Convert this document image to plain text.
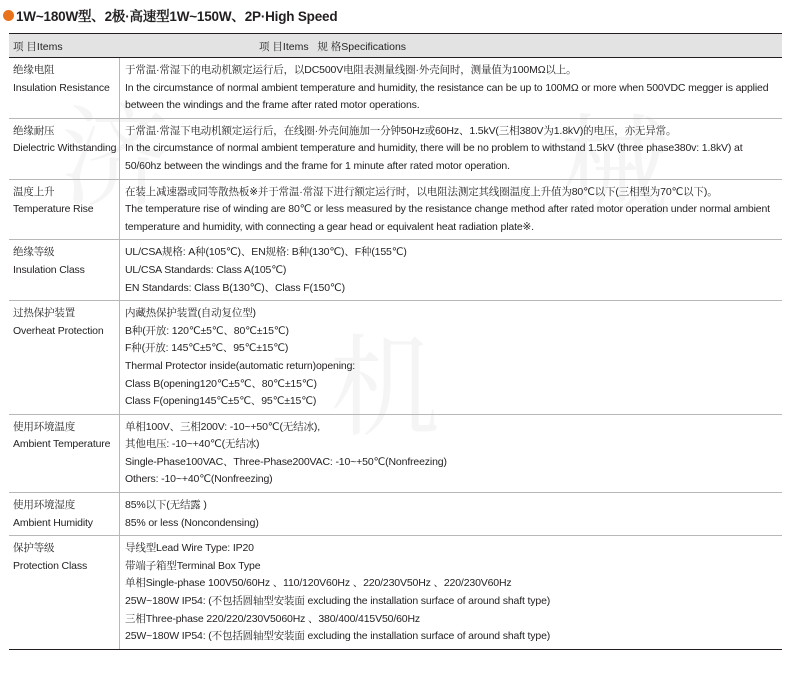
1W~180W型、2极·高速型1W~150W、2P·High Speed
项 目Items	项 目Items   规 格Specifications
绝缘电阻
Insulation Resistance
于常温·常湿下的电动机额定运行后，以DC500V电阻表测量线圈·外壳间时，测量值为100MΩ以上。
In the circumstance of normal ambient temperature and humidity, the resistance can be up to 100MΩ or more when 500VDC megger is applied between the windings and the frame after rated motor operations.
绝缘耐压
Dielectric Withstanding
于常温·常湿下电动机额定运行后，在线圈·外壳间施加一分钟50Hz或60Hz、1.5kV(三相380V为1.8kV)的电压，亦无异常。
In the circumstance of normal ambient temperature and humidity, there will be no problem to withstand 1.5kV (three phase380v: 1.8kV) at 50/60hz between the windings and the frame for 1 minute after rated motor operation.
温度上升
Temperature Rise
在装上减速器或同等散热板※并于常温·常湿下进行额定运行时，以电阻法测定其线圈温度上升值为80℃以下(三相型为70℃以下)。
The temperature rise of winding are 80℃ or less measured by the resistance change method after rated motor operation under normal ambient temperature and humidity, with connecting a gear head or equivalent heat radiation plate※.
绝缘等级
Insulation Class
UL/CSA规格: A种(105℃)、EN规格: B种(130℃)、F种(155℃)
UL/CSA Standards: Class A(105℃)
EN Standards: Class B(130℃)、Class F(150℃)
过热保护装置
Overheat Protection
内藏热保护装置(自动复位型)
B种(开放: 120℃±5℃、80℃±15℃)
F种(开放: 145℃±5℃、95℃±15℃)
Thermal Protector inside(automatic return)opening:
Class B(opening120℃±5℃、80℃±15℃)
Class F(opening145℃±5℃、95℃±15℃)
使用环境温度
Ambient Temperature
单相100V、三相200V: -10~+50℃(无结冰),
其他电压: -10~+40℃(无结冰)
Single-Phase100VAC、Three-Phase200VAC: -10~+50℃(Nonfreezing)
Others: -10~+40℃(Nonfreezing)
使用环境湿度
Ambient Humidity
85%以下(无结露 )
85% or less (Noncondensing)
保护等级
Protection Class
导线型Lead Wire Type: IP20
带端子箱型Terminal Box Type
单相Single-phase 100V50/60Hz 、110/120V60Hz 、220/230V50Hz 、220/230V60Hz
25W~180W IP54: (不包括圆轴型安装面 excluding the installation surface of around shaft type)
三相Three-phase 220/220/230V5060Hz 、380/400/415V50/60Hz
25W~180W IP54: (不包括圆轴型安装面 excluding the installation surface of around shaft type)
